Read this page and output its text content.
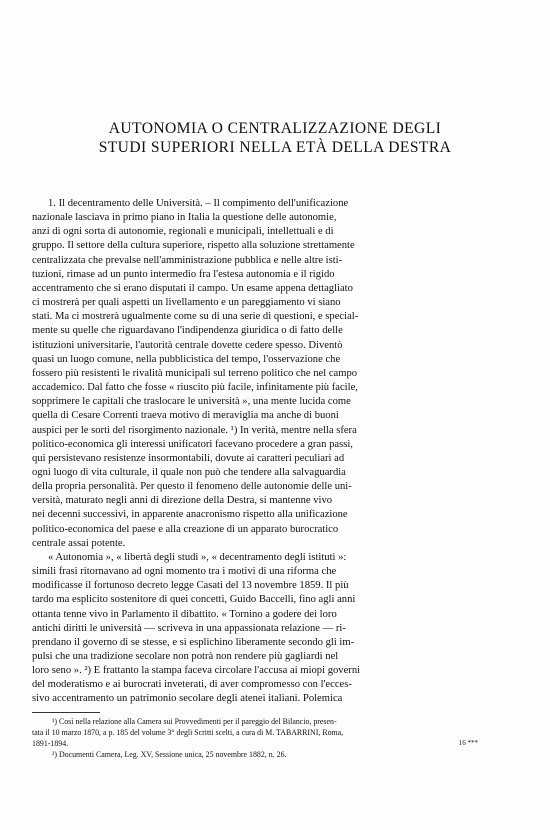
AUTONOMIA O CENTRALIZZAZIONE DEGLI
STUDI SUPERIORI NELLA ETÀ DELLA DESTRA
1. Il decentramento delle Università. – Il compimento dell'unificazione
nazionale lasciava in primo piano in Italia la questione delle autonomie,
anzi di ogni sorta di autonomie, regionali e municipali, intellettuali e di
gruppo. Il settore della cultura superiore, rispetto alla soluzione strettamente
centralizzata che prevalse nell'amministrazione pubblica e nelle altre isti-
tuzioni, rimase ad un punto intermedio fra l'estesa autonomia e il rigido
accentramento che si erano disputati il campo. Un esame appena dettagliato
ci mostrerà per quali aspetti un livellamento e un pareggiamento vi siano
stati. Ma ci mostrerà ugualmente come su di una serie di questioni, e special-
mente su quelle che riguardavano l'indipendenza giuridica o di fatto delle
istituzioni universitarie, l'autorità centrale dovette cedere spesso. Diventò
quasi un luogo comune, nella pubblicistica del tempo, l'osservazione che
fossero più resistenti le rivalità municipali sul terreno politico che nel campo
accademico. Dal fatto che fosse « riuscito più facile, infinitamente più facile,
sopprimere le capitali che traslocare le università », una mente lucida come
quella di Cesare Correnti traeva motivo di meraviglia ma anche di buoni
auspici per le sorti del risorgimento nazionale. ¹) In verità, mentre nella sfera
politico-economica gli interessi unificatori facevano procedere a gran passi,
qui persistevano resistenze insormontabili, dovute ai caratteri peculiari ad
ogni luogo di vita culturale, il quale non può che tendere alla salvaguardia
della propria personalità. Per questo il fenomeno delle autonomie delle uni-
versità, maturato negli anni di direzione della Destra, si mantenne vivo
nei decenni successivi, in apparente anacronismo rispetto alla unificazione
politico-economica del paese e alla creazione di un apparato burocratico
centrale assai potente.
« Autonomia », « libertà degli studi », « decentramento degli istituti »:
simili frasi ritornavano ad ogni momento tra i motivi di una riforma che
modificasse il fortunoso decreto legge Casati del 13 novembre 1859. Il più
tardo ma esplicito sostenitore di quei concetti, Guido Baccelli, fino agli anni
ottanta tenne vivo in Parlamento il dibattito. « Tornino a godere dei loro
antichi diritti le università — scriveva in una appassionata relazione — ri-
prendano il governo di se stesse, e si esplichino liberamente secondo gli im-
pulsi che una tradizione secolare non potrà non rendere più gagliardi nel
loro seno ». ²) E frattanto la stampa faceva circolare l'accusa ai miopi governi
del moderatismo e ai burocrati inveterati, di aver compromesso con l'ecces-
sivo accentramento un patrimonio secolare degli atenei italiani. Polemica
¹) Così nella relazione alla Camera sui Provvedimenti per il pareggio del Bilancio, presen-
tata il 10 marzo 1870, a p. 185 del volume 3° degli Scritti scelti, a cura di M. TABARRINI, Roma,
1891-1894.
²) Documenti Camera, Leg. XV, Sessione unica, 25 novembre 1882, n. 26.
16 ***
